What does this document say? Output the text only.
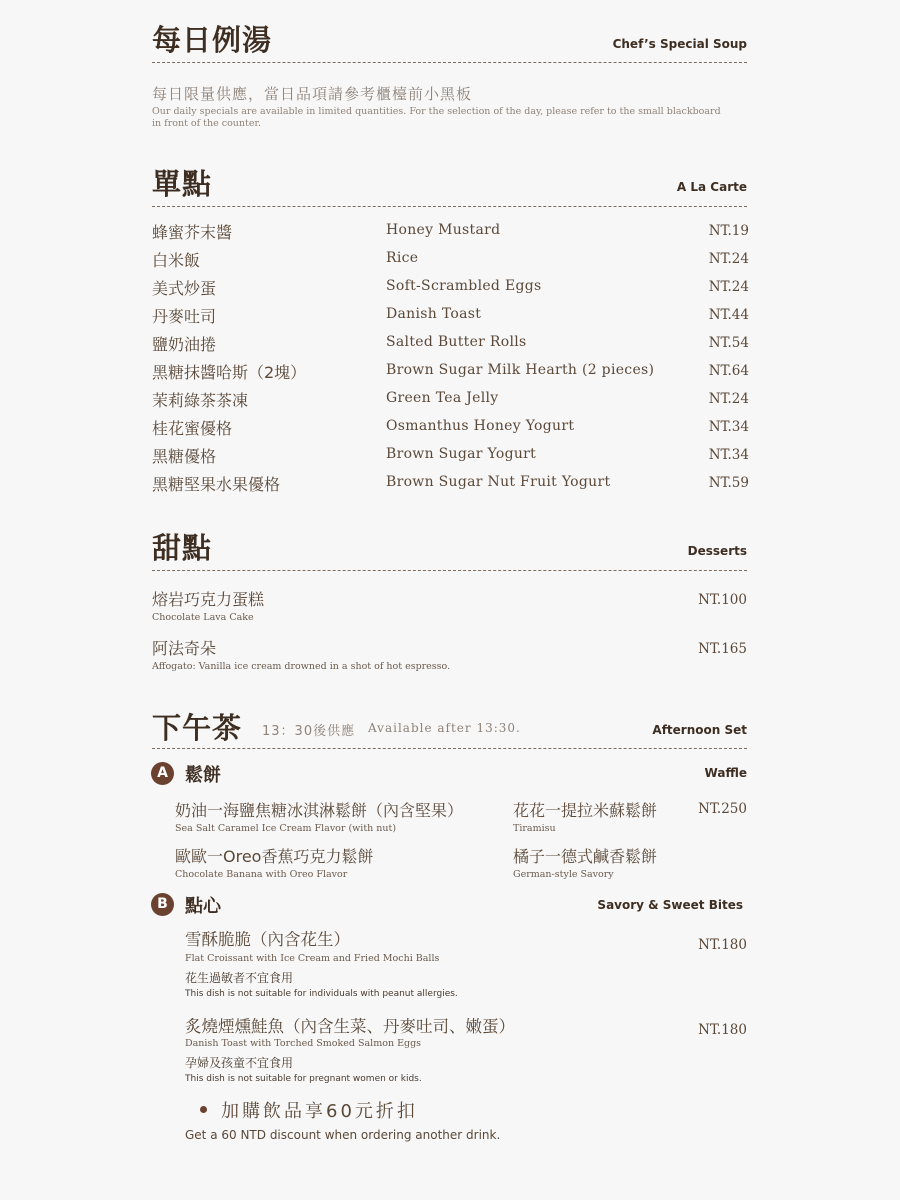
每日例湯	Chef’s Special Soup
每日限量供應，當日品項請參考櫃檯前小黑板
Our daily specials are available in limited quantities. For the selection of the day, please refer to the small blackboard
in front of the counter.
單點	A La Carte
蜂蜜芥末醬	Honey Mustard	NT.19
白米飯	Rice	NT.24
美式炒蛋	Soft-Scrambled Eggs	NT.24
丹麥吐司	Danish Toast	NT.44
鹽奶油捲	Salted Butter Rolls	NT.54
黑糖抹醬哈斯（2塊）	Brown Sugar Milk Hearth (2 pieces)	NT.64
茉莉綠茶茶凍	Green Tea Jelly	NT.24
桂花蜜優格	Osmanthus Honey Yogurt	NT.34
黑糖優格	Brown Sugar Yogurt	NT.34
黑糖堅果水果優格	Brown Sugar Nut Fruit Yogurt	NT.59
甜點	Desserts
熔岩巧克力蛋糕
Chocolate Lava Cake
NT.100
阿法奇朵
Affogato: Vanilla ice cream drowned in a shot of hot espresso.
NT.165
下午茶 13：30後供應 Available after 13:30.	Afternoon Set
A 鬆餅	Waffle
奶油一海鹽焦糖冰淇淋鬆餅（內含堅果）
Sea Salt Caramel Ice Cream Flavor (with nut)
花花一提拉米蘇鬆餅
Tiramisu
NT.250
歐歐一Oreo香蕉巧克力鬆餅
Chocolate Banana with Oreo Flavor
橘子一德式鹹香鬆餅
German-style Savory
B 點心	Savory & Sweet Bites
雪酥脆脆（內含花生）
Flat Croissant with Ice Cream and Fried Mochi Balls
花生過敏者不宜食用
This dish is not suitable for individuals with peanut allergies.
NT.180
炙燒煙燻鮭魚（內含生菜、丹麥吐司、嫩蛋）
Danish Toast with Torched Smoked Salmon Eggs
孕婦及孩童不宜食用
This dish is not suitable for pregnant women or kids.
NT.180
加購飲品享60元折扣
Get a 60 NTD discount when ordering another drink.
